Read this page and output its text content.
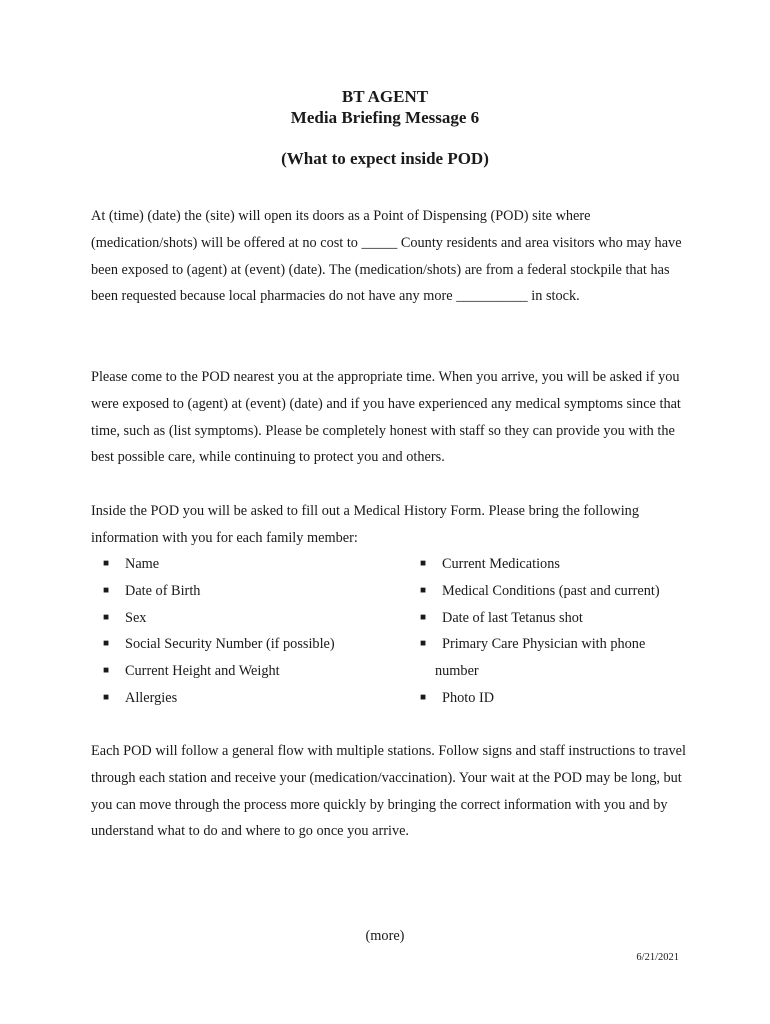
BT AGENT
Media Briefing Message 6
(What to expect inside POD)
At (time) (date) the (site) will open its doors as a Point of Dispensing (POD) site where (medication/shots) will be offered at no cost to _____ County residents and area visitors who may have been exposed to (agent) at (event) (date). The (medication/shots) are from a federal stockpile that has been requested because local pharmacies do not have any more __________ in stock.
Please come to the POD nearest you at the appropriate time. When you arrive, you will be asked if you were exposed to (agent) at (event) (date) and if you have experienced any medical symptoms since that time, such as (list symptoms). Please be completely honest with staff so they can provide you with the best possible care, while continuing to protect you and others.
Inside the POD you will be asked to fill out a Medical History Form. Please bring the following information with you for each family member:
■ Name
■ Date of Birth
■ Sex
■ Social Security Number (if possible)
■ Current Height and Weight
■ Allergies
■ Current Medications
■ Medical Conditions (past and current)
■ Date of last Tetanus shot
■ Primary Care Physician with phone
number
■ Photo ID
Each POD will follow a general flow with multiple stations. Follow signs and staff instructions to travel through each station and receive your (medication/vaccination). Your wait at the POD may be long, but you can move through the process more quickly by bringing the correct information with you and by understand what to do and where to go once you arrive.
(more)
6/21/2021
